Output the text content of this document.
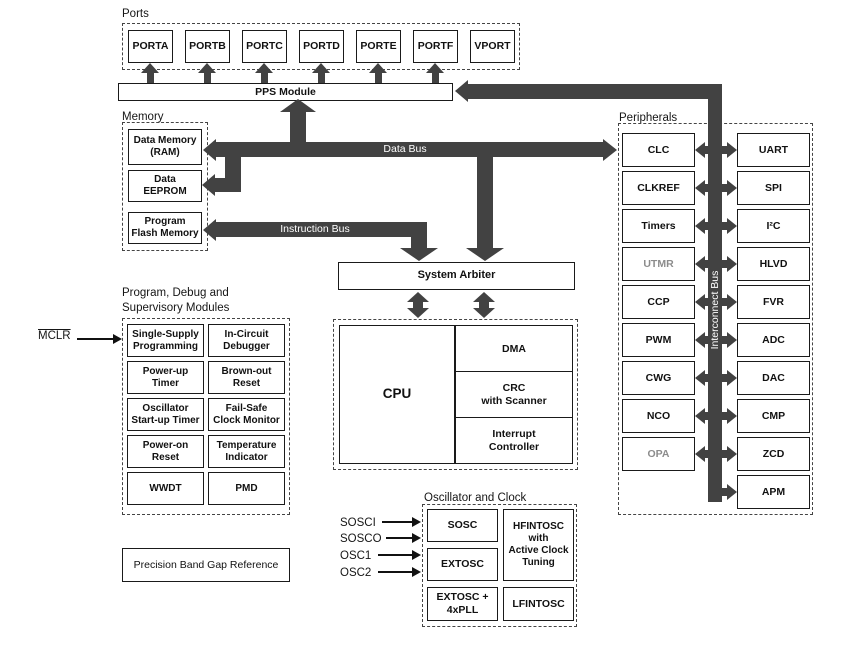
Ports
PORTA	PORTB	PORTC	PORTD	PORTE	PORTF	VPORT
PPS Module
Memory
Data Memory
(RAM)
Data
EEPROM
Program
Flash Memory
Data Bus
Instruction Bus
System Arbiter
CPU
DMA
CRC
with Scanner
Interrupt
Controller
Peripherals
Interconnect Bus
CLC
CLKREF
Timers
UTMR
CCP
PWM
CWG
NCO
OPA
UART
SPI
I²C
HLVD
FVR
ADC
DAC
CMP
ZCD
APM
Program, Debug and
Supervisory Modules
Single-Supply
Programming
In-Circuit
Debugger
Power-up
Timer
Brown-out
Reset
Oscillator
Start-up Timer
Fail-Safe
Clock Monitor
Power-on
Reset
Temperature
Indicator
WWDT	PMD
MCLR
Precision Band Gap Reference
Oscillator and Clock
SOSC
EXTOSC
EXTOSC +
4xPLL
HFINTOSC
with
Active Clock
Tuning
LFINTOSC
SOSCI
SOSCO
OSC1
OSC2
